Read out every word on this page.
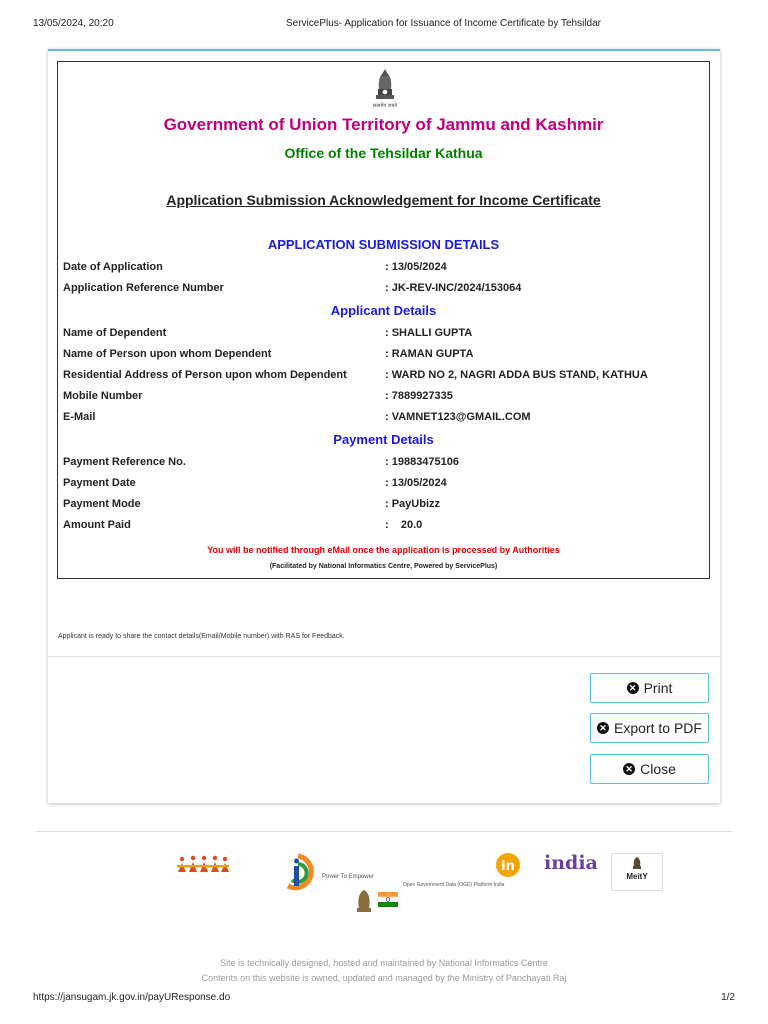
13/05/2024, 20:20	ServicePlus- Application for Issuance of Income Certificate by Tehsildar
सत्यमेव जयते
Government of Union Territory of Jammu and Kashmir
Office of the Tehsildar Kathua
Application Submission Acknowledgement for Income Certificate
APPLICATION SUBMISSION DETAILS
Date of Application	: 13/05/2024
Application Reference Number	: JK-REV-INC/2024/153064
Applicant Details
Name of Dependent	: SHALLI GUPTA
Name of Person upon whom Dependent	: RAMAN GUPTA
Residential Address of Person upon whom Dependent	: WARD NO 2, NAGRI ADDA BUS STAND, KATHUA
Mobile Number	: 7889927335
E-Mail	: VAMNET123@GMAIL.COM
Payment Details
Payment Reference No.	: 19883475106
Payment Date	: 13/05/2024
Payment Mode	: PayUbizz
Amount Paid	:    20.0
You will be notified through eMail once the application is processed by Authorities
(Facilitated by National Informatics Centre, Powered by ServicePlus)
Applicant is ready to share the contact details(Email/Mobile number) with RAS for Feedback.
✕ Print
✕ Export to PDF
✕ Close
Power To Empower
in
Open Government Data (OGD) Platform India
india
MeitY
Site is technically designed, hosted and maintained by National Informatics Centre
Contents on this website is owned, updated and managed by the Ministry of Panchayati Raj
https://jansugam.jk.gov.in/payUResponse.do	1/2
